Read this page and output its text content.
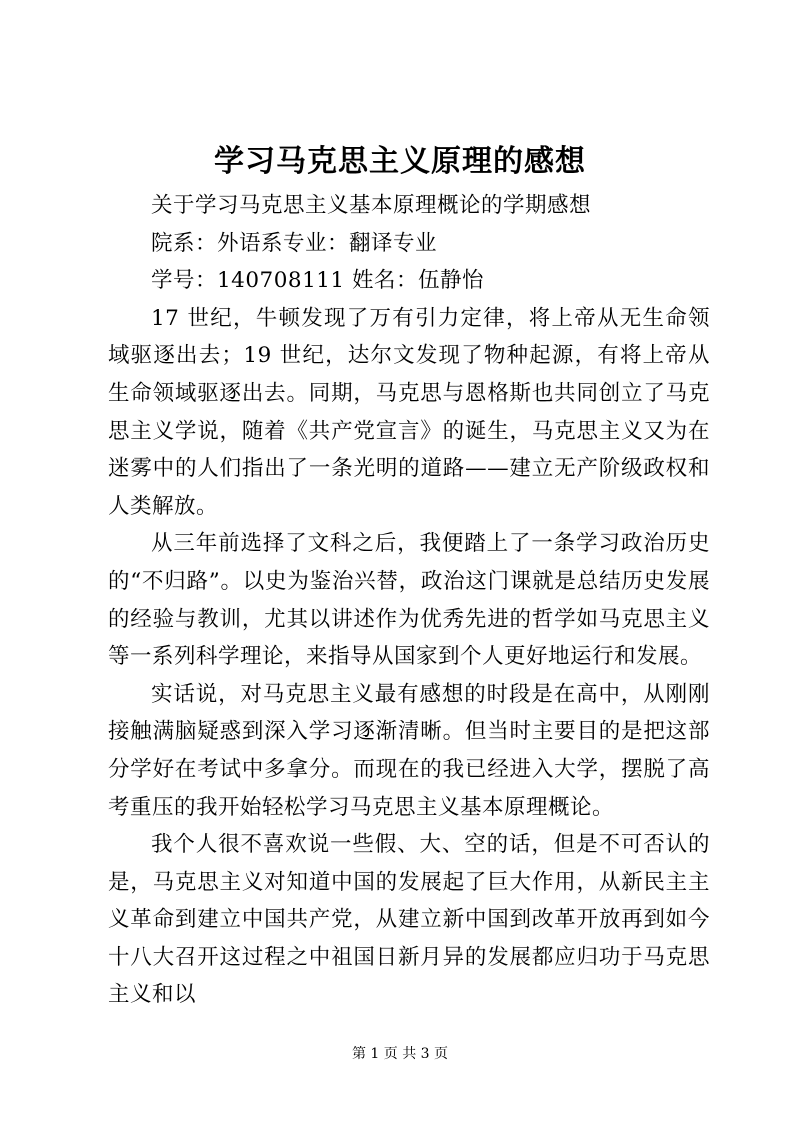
学习马克思主义原理的感想

关于学习马克思主义基本原理概论的学期感想

院系：外语系专业：翻译专业

学号：140708111 姓名：伍静怡

17 世纪，牛顿发现了万有引力定律，将上帝从无生命领域驱逐出去；19 世纪，达尔文发现了物种起源，有将上帝从生命领域驱逐出去。同期，马克思与恩格斯也共同创立了马克思主义学说，随着《共产党宣言》的诞生，马克思主义又为在迷雾中的人们指出了一条光明的道路——建立无产阶级政权和人类解放。

从三年前选择了文科之后，我便踏上了一条学习政治历史的“不归路”。以史为鉴治兴替，政治这门课就是总结历史发展的经验与教训，尤其以讲述作为优秀先进的哲学如马克思主义等一系列科学理论，来指导从国家到个人更好地运行和发展。

实话说，对马克思主义最有感想的时段是在高中，从刚刚接触满脑疑惑到深入学习逐渐清晰。但当时主要目的是把这部分学好在考试中多拿分。而现在的我已经进入大学，摆脱了高考重压的我开始轻松学习马克思主义基本原理概论。

我个人很不喜欢说一些假、大、空的话，但是不可否认的是，马克思主义对知道中国的发展起了巨大作用，从新民主主义革命到建立中国共产党，从建立新中国到改革开放再到如今十八大召开这过程之中祖国日新月异的发展都应归功于马克思主义和以

第 1 页 共 3 页
